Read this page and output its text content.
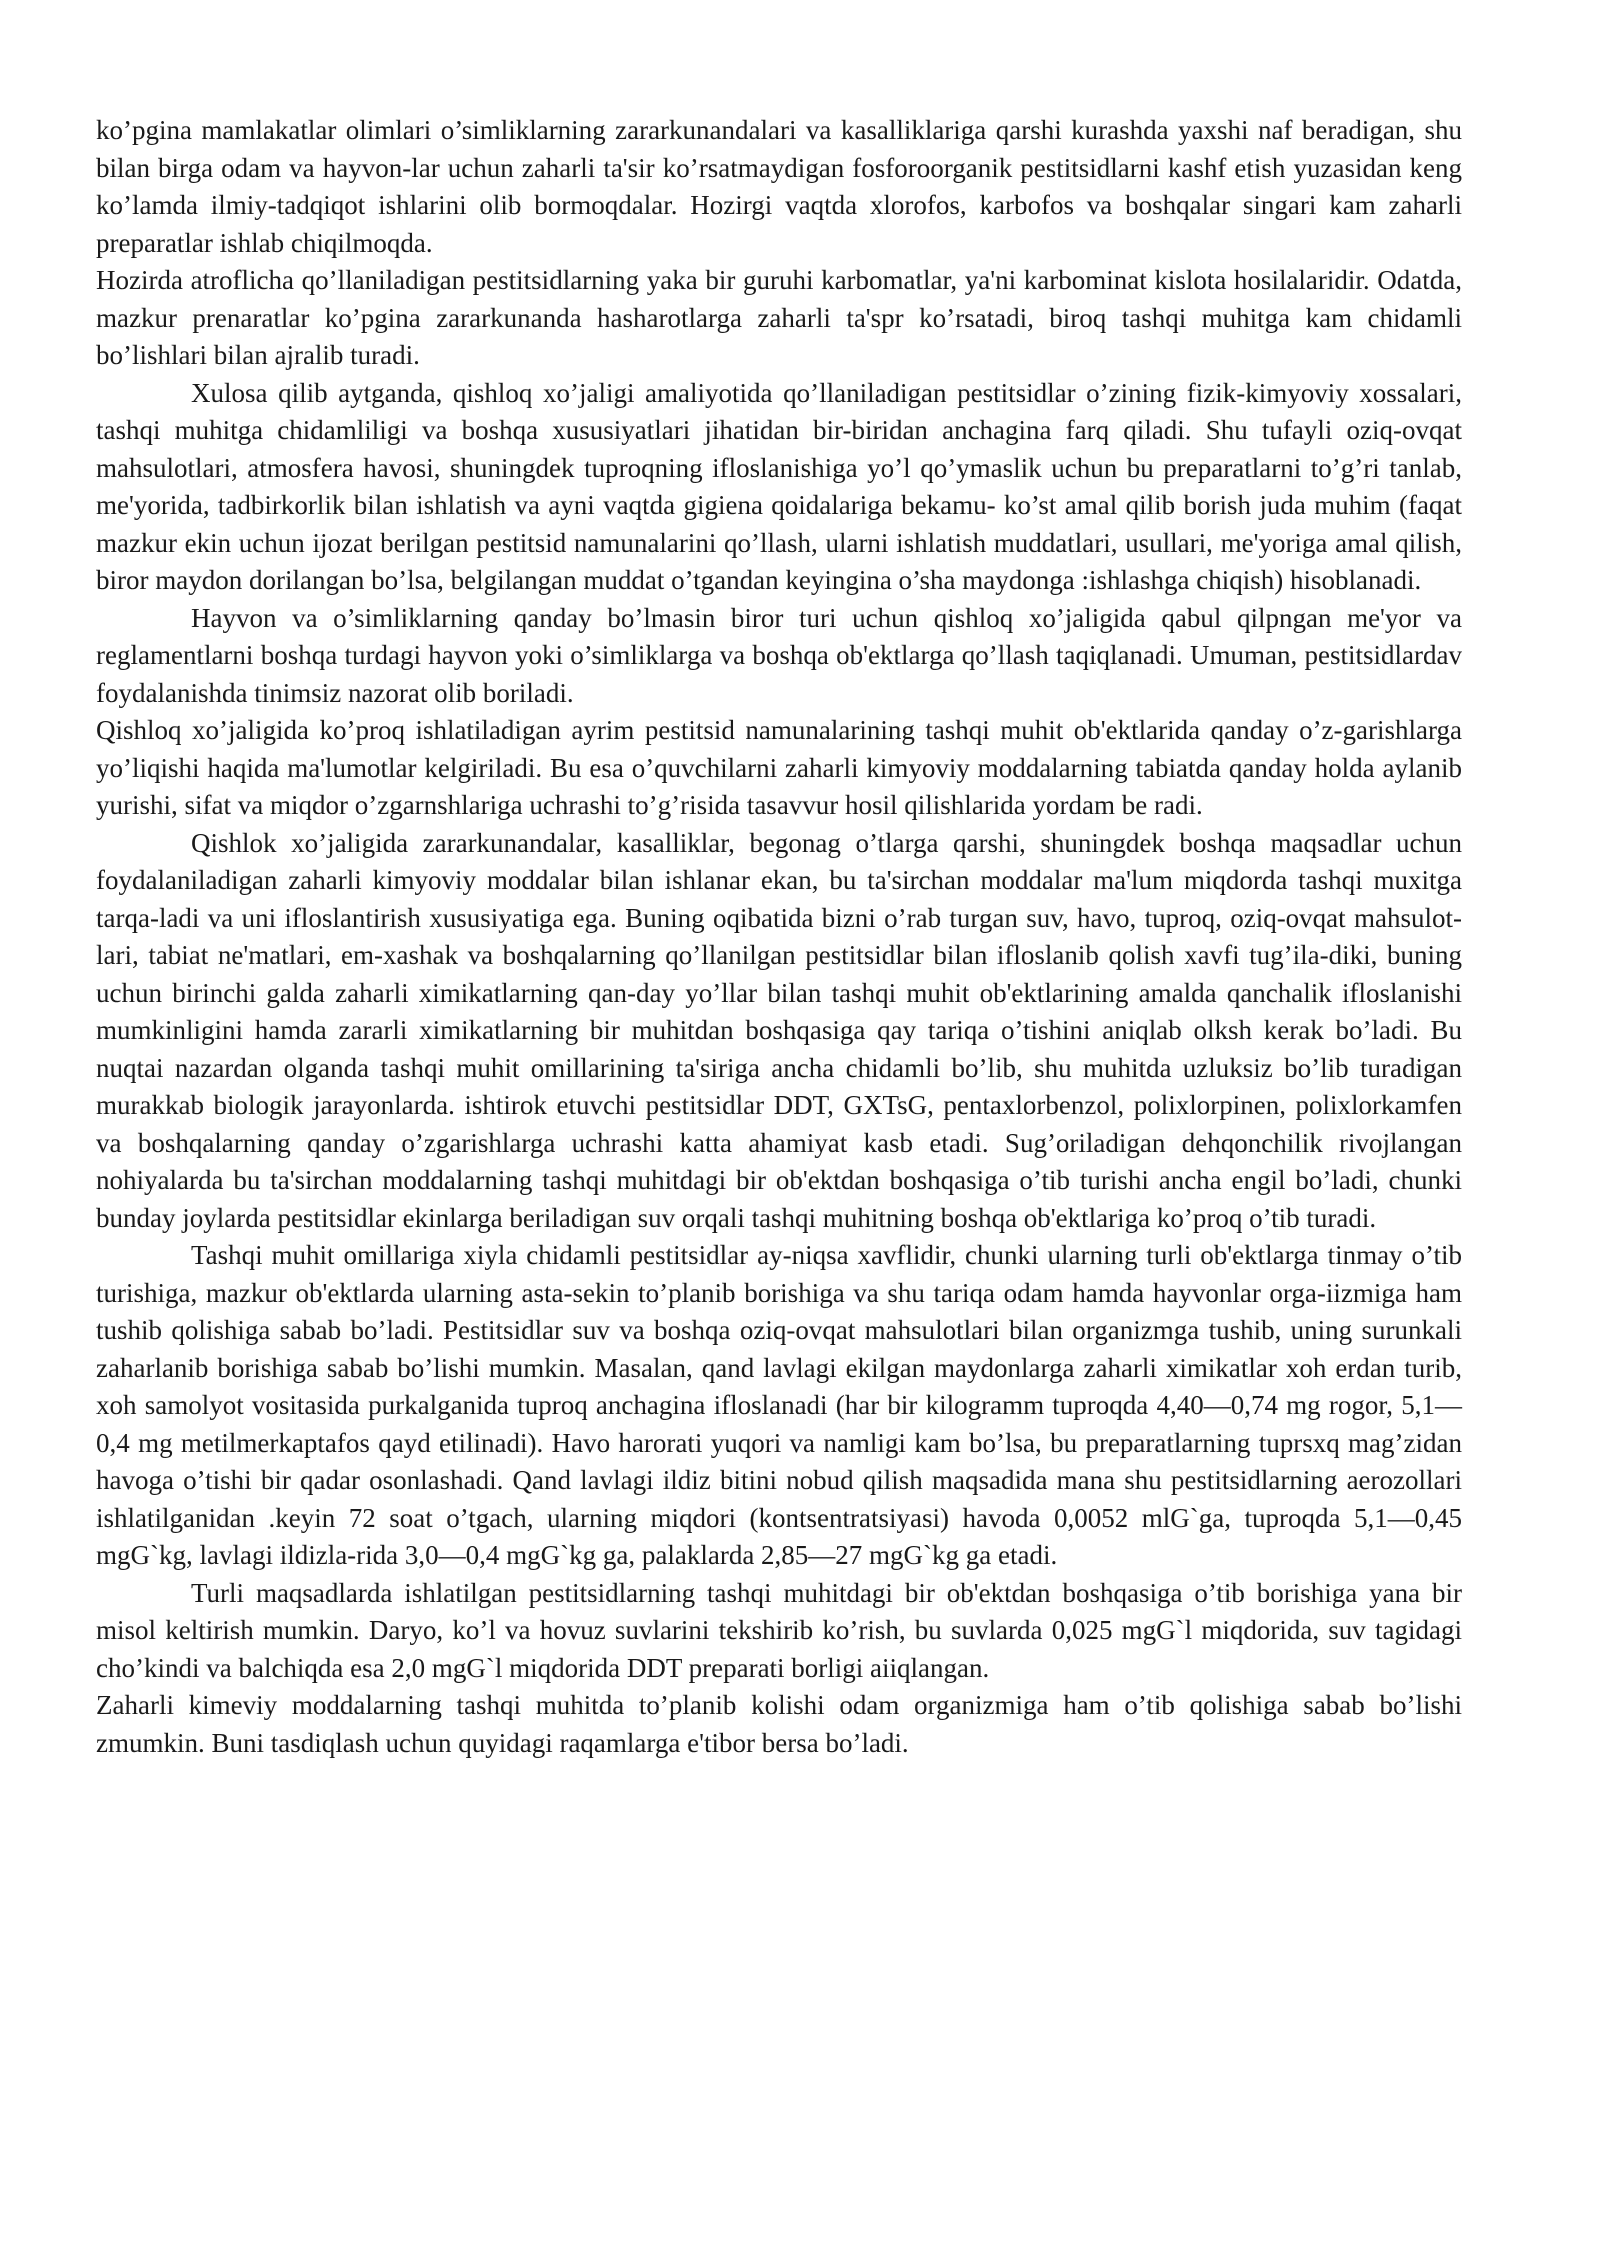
ko’pgina mamlakatlar olimlari o’simliklarning zararkunandalari va kasalliklariga qarshi kurashda yaxshi naf beradigan, shu bilan birga odam va hayvon-lar uchun zaharli ta'sir ko’rsatmaydigan fosforoorganik pestitsidlarni kashf etish yuzasidan keng ko’lamda ilmiy-tadqiqot ishlarini olib bormoqdalar. Hozirgi vaqtda xlorofos, karbofos va boshqalar singari kam zaharli preparatlar ishlab chiqilmoqda.

Hozirda atroflicha qo’llaniladigan pestitsidlarning yaka bir guruhi karbomatlar, ya'ni karbominat kislota hosilalaridir. Odatda, mazkur prenaratlar ko’pgina zararkunanda hasharotlarga zaharli ta'spr ko’rsatadi, biroq tashqi muhitga kam chidamli bo’lishlari bilan ajralib turadi.

Xulosa qilib aytganda, qishloq xo’jaligi amaliyotida qo’llaniladigan pestitsidlar o’zining fizik-kimyoviy xossalari, tashqi muhitga chidamliligi va boshqa xususiyatlari jihatidan bir-biridan anchagina farq qiladi. Shu tufayli oziq-ovqat mahsulotlari, atmosfera havosi, shuningdek tuproqning ifloslanishiga yo’l qo’ymaslik uchun bu preparatlarni to’g’ri tanlab, me'yorida, tadbirkorlik bilan ishlatish va ayni vaqtda gigiena qoidalariga bekamu- ko’st amal qilib borish juda muhim (faqat mazkur ekin uchun ijozat berilgan pestitsid namunalarini qo’llash, ularni ishlatish muddatlari, usullari, me'yoriga amal qilish, biror maydon dorilangan bo’lsa, belgilangan muddat o’tgandan keyingina o’sha maydonga :ishlashga chiqish) hisoblanadi.

Hayvon va o’simliklarning qanday bo’lmasin biror turi uchun qishloq xo’jaligida qabul qilpngan me'yor va reglamentlarni boshqa turdagi hayvon yoki o’simliklarga va boshqa ob'ektlarga qo’llash taqiqlanadi. Umuman, pestitsidlardav foydalanishda tinimsiz nazorat olib boriladi.

Qishloq xo’jaligida ko’proq ishlatiladigan ayrim pestitsid namunalarining tashqi muhit ob'ektlarida qanday o’z-garishlarga yo’liqishi haqida ma'lumotlar kelgiriladi. Bu esa o’quvchilarni zaharli kimyoviy moddalarning tabiatda qanday holda aylanib yurishi, sifat va miqdor o’zgarnshlariga uchrashi to’g’risida tasavvur hosil qilishlarida yordam be radi.

Qishlok xo’jaligida zararkunandalar, kasalliklar, begonag o’tlarga qarshi, shuningdek boshqa maqsadlar uchun foydalaniladigan zaharli kimyoviy moddalar bilan ishlanar ekan, bu ta'sirchan moddalar ma'lum miqdorda tashqi muxitga tarqa-ladi va uni ifloslantirish xususiyatiga ega. Buning oqibatida bizni o’rab turgan suv, havo, tuproq, oziq-ovqat mahsulot-lari, tabiat ne'matlari, em-xashak va boshqalarning qo’llanilgan pestitsidlar bilan ifloslanib qolish xavfi tug’ila-diki, buning uchun birinchi galda zaharli ximikatlarning qan-day yo’llar bilan tashqi muhit ob'ektlarining amalda qanchalik ifloslanishi mumkinligini hamda zararli ximikatlarning bir muhitdan boshqasiga qay tariqa o’tishini aniqlab olksh kerak bo’ladi. Bu nuqtai nazardan olganda tashqi muhit omillarining ta'siriga ancha chidamli bo’lib, shu muhitda uzluksiz bo’lib turadigan murakkab biologik jarayonlarda. ishtirok etuvchi pestitsidlar DDT, GXTsG, pentaxlorbenzol, polixlorpinen, polixlorkamfen va boshqalarning qanday o’zgarishlarga uchrashi katta ahamiyat kasb etadi. Sug’oriladigan dehqonchilik rivojlangan nohiyalarda bu ta'sirchan moddalarning tashqi muhitdagi bir ob'ektdan boshqasiga o’tib turishi ancha engil bo’ladi, chunki bunday joylarda pestitsidlar ekinlarga beriladigan suv orqali tashqi muhitning boshqa ob'ektlariga ko’proq o’tib turadi.

Tashqi muhit omillariga xiyla chidamli pestitsidlar ay-niqsa xavflidir, chunki ularning turli ob'ektlarga tinmay o’tib turishiga, mazkur ob'ektlarda ularning asta-sekin to’planib borishiga va shu tariqa odam hamda hayvonlar orga-iizmiga ham tushib qolishiga sabab bo’ladi. Pestitsidlar suv va boshqa oziq-ovqat mahsulotlari bilan organizmga tushib, uning surunkali zaharlanib borishiga sabab bo’lishi mumkin. Masalan, qand lavlagi ekilgan maydonlarga zaharli ximikatlar xoh erdan turib, xoh samolyot vositasida purkalganida tuproq anchagina ifloslanadi (har bir kilogramm tuproqda 4,40—0,74 mg rogor, 5,1—0,4 mg metilmerkaptafos qayd etilinadi). Havo harorati yuqori va namligi kam bo’lsa, bu preparatlarning tuprsxq mag’zidan havoga o’tishi bir qadar osonlashadi. Qand lavlagi ildiz bitini nobud qilish maqsadida mana shu pestitsidlarning aerozollari ishlatilganidan .keyin 72 soat o’tgach, ularning miqdori (kontsentratsiyasi) havoda 0,0052 mlG`ga, tuproqda 5,1—0,45 mgG`kg, lavlagi ildizla-rida 3,0—0,4 mgG`kg ga, palaklarda 2,85—27 mgG`kg ga etadi.

Turli maqsadlarda ishlatilgan pestitsidlarning tashqi muhitdagi bir ob'ektdan boshqasiga o’tib borishiga yana bir misol keltirish mumkin. Daryo, ko’l va hovuz suvlarini tekshirib ko’rish, bu suvlarda 0,025 mgG`l miqdorida, suv tagidagi cho’kindi va balchiqda esa 2,0 mgG`l miqdorida DDT preparati borligi aiiqlangan.

Zaharli kimeviy moddalarning tashqi muhitda to’planib kolishi odam organizmiga ham o’tib qolishiga sabab bo’lishi zmumkin. Buni tasdiqlash uchun quyidagi raqamlarga e'tibor bersa bo’ladi.
